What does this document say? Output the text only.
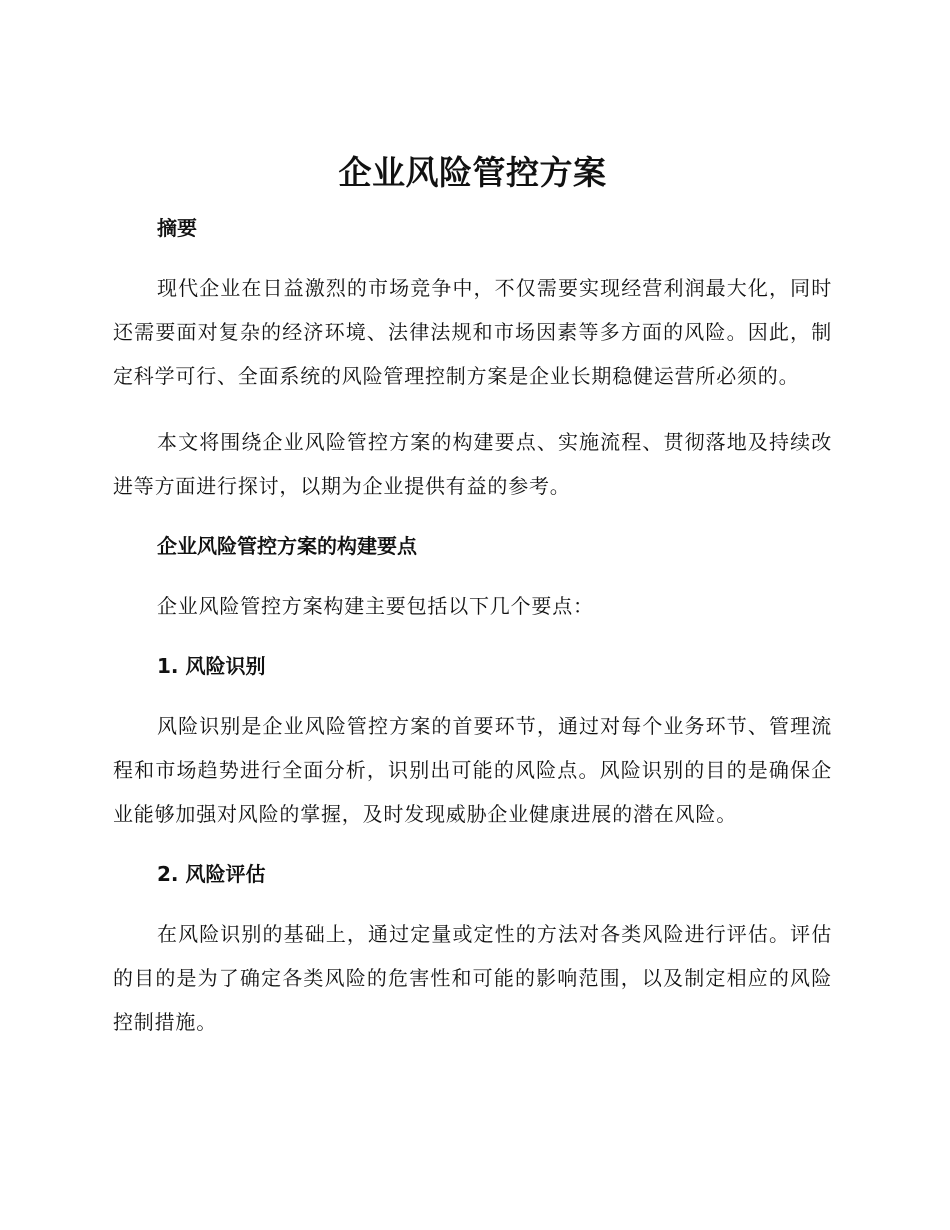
企业风险管控方案
摘要

现代企业在日益激烈的市场竞争中，不仅需要实现经营利润最大化，同时还需要面对复杂的经济环境、法律法规和市场因素等多方面的风险。因此，制定科学可行、全面系统的风险管理控制方案是企业长期稳健运营所必须的。

本文将围绕企业风险管控方案的构建要点、实施流程、贯彻落地及持续改进等方面进行探讨，以期为企业提供有益的参考。

企业风险管控方案的构建要点

企业风险管控方案构建主要包括以下几个要点：

1. 风险识别

风险识别是企业风险管控方案的首要环节，通过对每个业务环节、管理流程和市场趋势进行全面分析，识别出可能的风险点。风险识别的目的是确保企业能够加强对风险的掌握，及时发现威胁企业健康进展的潜在风险。

2. 风险评估

在风险识别的基础上，通过定量或定性的方法对各类风险进行评估。评估的目的是为了确定各类风险的危害性和可能的影响范围，以及制定相应的风险控制措施。
